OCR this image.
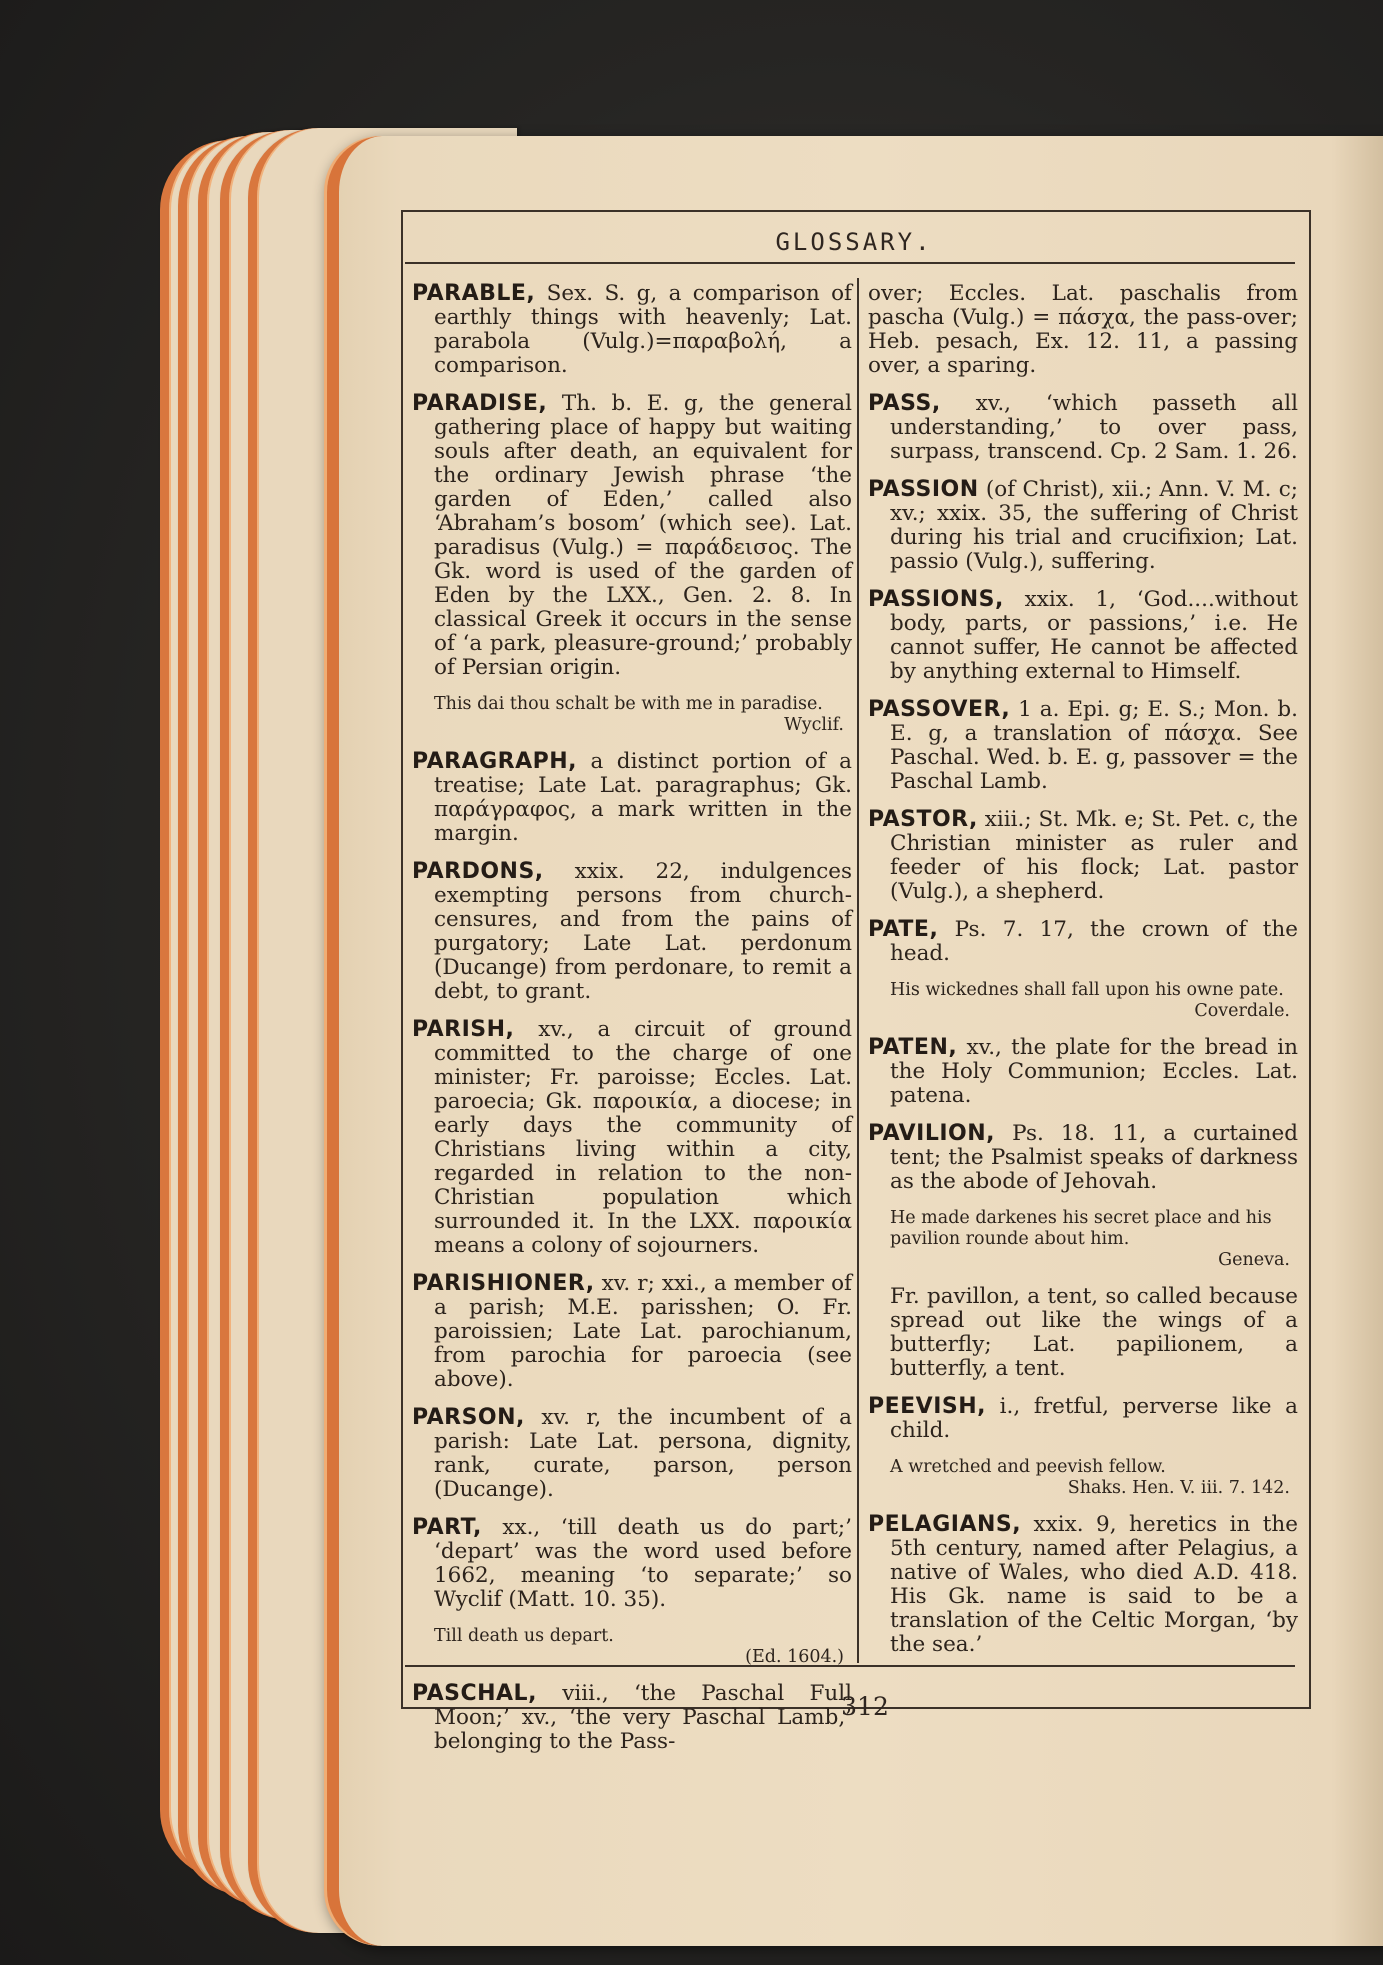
GLOSSARY.
PARABLE, Sex. S. g, a comparison of earthly things with heavenly; Lat. parabola (Vulg.)=παραβολή, a comparison.
PARADISE, Th. b. E. g, the general gathering place of happy but waiting souls after death, an equivalent for the ordinary Jewish phrase ‘the garden of Eden,’ called also ‘Abraham’s bosom’ (which see). Lat. paradisus (Vulg.) = παράδεισος. The Gk. word is used of the garden of Eden by the LXX., Gen. 2. 8. In classical Greek it occurs in the sense of ‘a park, pleasure-ground;’ probably of Persian origin.
This dai thou schalt be with me in paradise.
Wyclif.
PARAGRAPH, a distinct portion of a treatise; Late Lat. paragraphus; Gk. παράγραφος, a mark written in the margin.
PARDONS, xxix. 22, indulgences exempting persons from church-censures, and from the pains of purgatory; Late Lat. perdonum (Ducange) from perdonare, to remit a debt, to grant.
PARISH, xv., a circuit of ground committed to the charge of one minister; Fr. paroisse; Eccles. Lat. paroecia; Gk. παροικία, a diocese; in early days the community of Christians living within a city, regarded in relation to the non-Christian population which surrounded it. In the LXX. παροικία means a colony of sojourners.
PARISHIONER, xv. r; xxi., a member of a parish; M.E. parisshen; O. Fr. paroissien; Late Lat. parochianum, from parochia for paroecia (see above).
PARSON, xv. r, the incumbent of a parish: Late Lat. persona, dignity, rank, curate, parson, person (Ducange).
PART, xx., ‘till death us do part;’ ‘depart’ was the word used before 1662, meaning ‘to separate;’ so Wyclif (Matt. 10. 35).
Till death us depart.
(Ed. 1604.)
PASCHAL, viii., ‘the Paschal Full Moon;’ xv., ‘the very Paschal Lamb,’ belonging to the Pass-
over; Eccles. Lat. paschalis from pascha (Vulg.) = πάσχα, the pass-over; Heb. pesach, Ex. 12. 11, a passing over, a sparing.
PASS, xv., ‘which passeth all understanding,’ to over pass, surpass, transcend. Cp. 2 Sam. 1. 26.
PASSION (of Christ), xii.; Ann. V. M. c; xv.; xxix. 35, the suffering of Christ during his trial and crucifixion; Lat. passio (Vulg.), suffering.
PASSIONS, xxix. 1, ‘God....without body, parts, or passions,’ i.e. He cannot suffer, He cannot be affected by anything external to Himself.
PASSOVER, 1 a. Epi. g; E. S.; Mon. b. E. g, a translation of πάσχα. See Paschal. Wed. b. E. g, passover = the Paschal Lamb.
PASTOR, xiii.; St. Mk. e; St. Pet. c, the Christian minister as ruler and feeder of his flock; Lat. pastor (Vulg.), a shepherd.
PATE, Ps. 7. 17, the crown of the head.
His wickednes shall fall upon his owne pate.
Coverdale.
PATEN, xv., the plate for the bread in the Holy Communion; Eccles. Lat. patena.
PAVILION, Ps. 18. 11, a curtained tent; the Psalmist speaks of darkness as the abode of Jehovah.
He made darkenes his secret place and his pavilion rounde about him.
Geneva.
Fr. pavillon, a tent, so called because spread out like the wings of a butterfly; Lat. papilionem, a butterfly, a tent.
PEEVISH, i., fretful, perverse like a child.
A wretched and peevish fellow.
Shaks. Hen. V. iii. 7. 142.
PELAGIANS, xxix. 9, heretics in the 5th century, named after Pelagius, a native of Wales, who died A.D. 418. His Gk. name is said to be a translation of the Celtic Morgan, ‘by the sea.’
312
